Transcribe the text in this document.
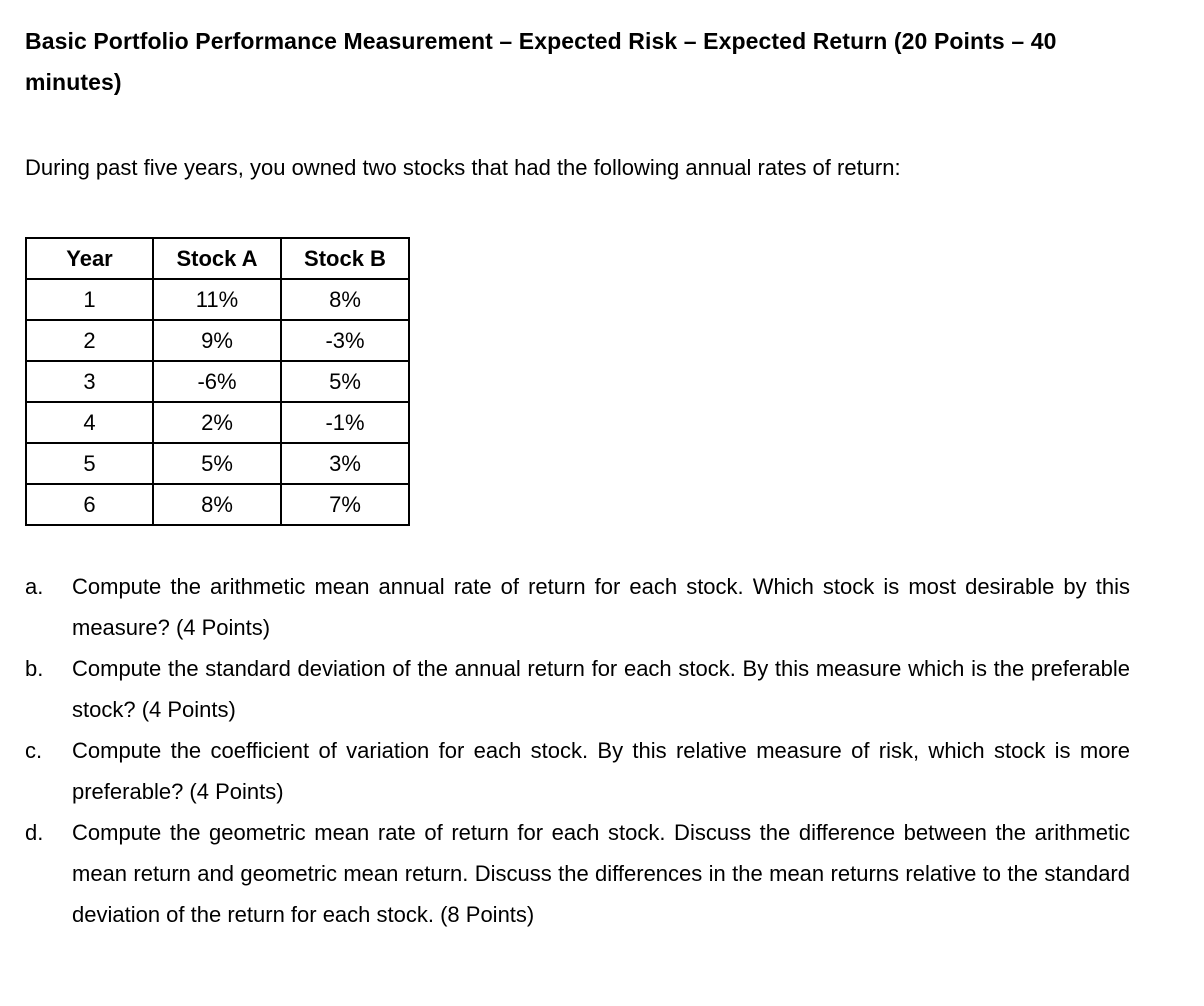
Basic Portfolio Performance Measurement – Expected Risk – Expected Return (20 Points – 40 minutes)

During past five years, you owned two stocks that had the following annual rates of return:

Year	Stock A	Stock B
1	11%	8%
2	9%	-3%
3	-6%	5%
4	2%	-1%
5	5%	3%
6	8%	7%
a.	Compute the arithmetic mean annual rate of return for each stock. Which stock is most desirable by this measure? (4 Points)
b.	Compute the standard deviation of the annual return for each stock. By this measure which is the preferable stock? (4 Points)
c.	Compute the coefficient of variation for each stock. By this relative measure of risk, which stock is more preferable? (4 Points)
d.	Compute the geometric mean rate of return for each stock. Discuss the difference between the arithmetic mean return and geometric mean return. Discuss the differences in the mean returns relative to the standard deviation of the return for each stock. (8 Points)
